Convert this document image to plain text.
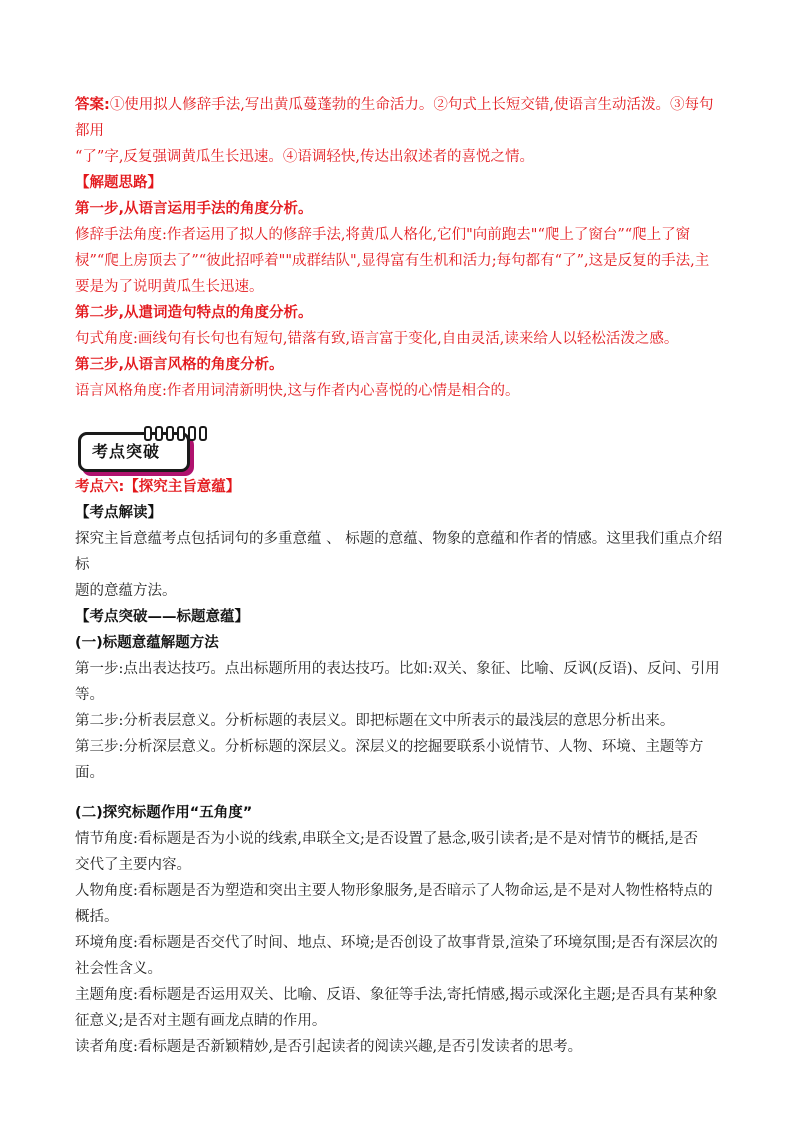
答案:①使用拟人修辞手法,写出黄瓜蔓蓬勃的生命活力。②句式上长短交错,使语言生动活泼。③每句都用

“了”字,反复强调黄瓜生长迅速。④语调轻快,传达出叙述者的喜悦之情。

【解题思路】

第一步,从语言运用手法的角度分析。

修辞手法角度:作者运用了拟人的修辞手法,将黄瓜人格化,它们"向前跑去"“爬上了窗台”“爬上了窗

棂”“爬上房顶去了”“彼此招呼着""成群结队",显得富有生机和活力;每句都有“了”,这是反复的手法,主

要是为了说明黄瓜生长迅速。

第二步,从遣词造句特点的角度分析。

句式角度:画线句有长句也有短句,错落有致,语言富于变化,自由灵活,读来给人以轻松活泼之感。

第三步,从语言风格的角度分析。

语言风格角度:作者用词清新明快,这与作者内心喜悦的心情是相合的。

考点突破

考点六:【探究主旨意蕴】

【考点解读】

探究主旨意蕴考点包括词句的多重意蕴 、 标题的意蕴、物象的意蕴和作者的情感。这里我们重点介绍标

题的意蕴方法。

【考点突破——标题意蕴】

(一)标题意蕴解题方法

第一步:点出表达技巧。点出标题所用的表达技巧。比如:双关、象征、比喻、反讽(反语)、反问、引用等。

第二步:分析表层意义。分析标题的表层义。即把标题在文中所表示的最浅层的意思分析出来。

第三步:分析深层意义。分析标题的深层义。深层义的挖掘要联系小说情节、人物、环境、主题等方面。

(二)探究标题作用“五角度”

情节角度:看标题是否为小说的线索,串联全文;是否设置了悬念,吸引读者;是不是对情节的概括,是否

交代了主要内容。

人物角度:看标题是否为塑造和突出主要人物形象服务,是否暗示了人物命运,是不是对人物性格特点的

概括。

环境角度:看标题是否交代了时间、地点、环境;是否创设了故事背景,渲染了环境氛围;是否有深层次的

社会性含义。

主题角度:看标题是否运用双关、比喻、反语、象征等手法,寄托情感,揭示或深化主题;是否具有某种象

征意义;是否对主题有画龙点睛的作用。

读者角度:看标题是否新颖精妙,是否引起读者的阅读兴趣,是否引发读者的思考。
